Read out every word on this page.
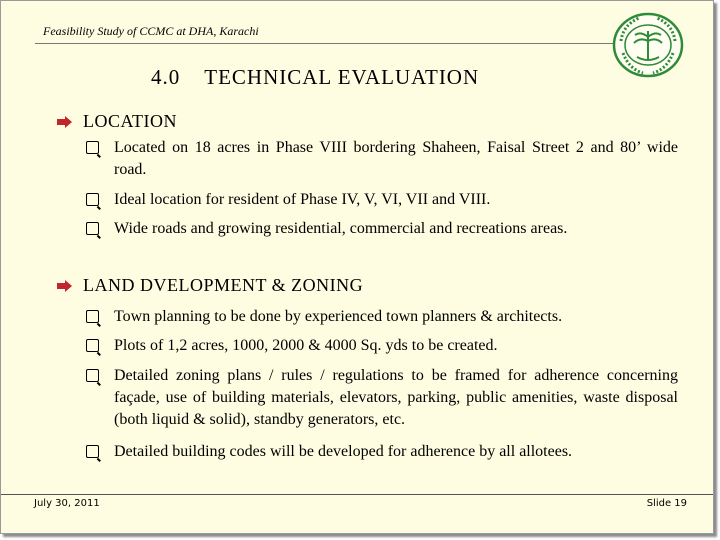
Feasibility Study of CCMC at DHA, Karachi
4.0 TECHNICAL EVALUATION
LOCATION
Located on 18 acres in Phase VIII bordering Shaheen, Faisal Street 2 and 80’ wide road.
Ideal location for resident of Phase IV, V, VI, VII and VIII.
Wide roads and growing residential, commercial and recreations areas.
LAND DVELOPMENT & ZONING
Town planning to be done by experienced town planners & architects.
Plots of 1,2 acres, 1000, 2000 & 4000 Sq. yds to be created.
Detailed zoning plans / rules / regulations to be framed for adherence concerning façade, use of building materials, elevators, parking, public amenities, waste disposal (both liquid & solid), standby generators, etc.
Detailed building codes will be developed for adherence by all allotees.
July 30, 2011	Slide 19
